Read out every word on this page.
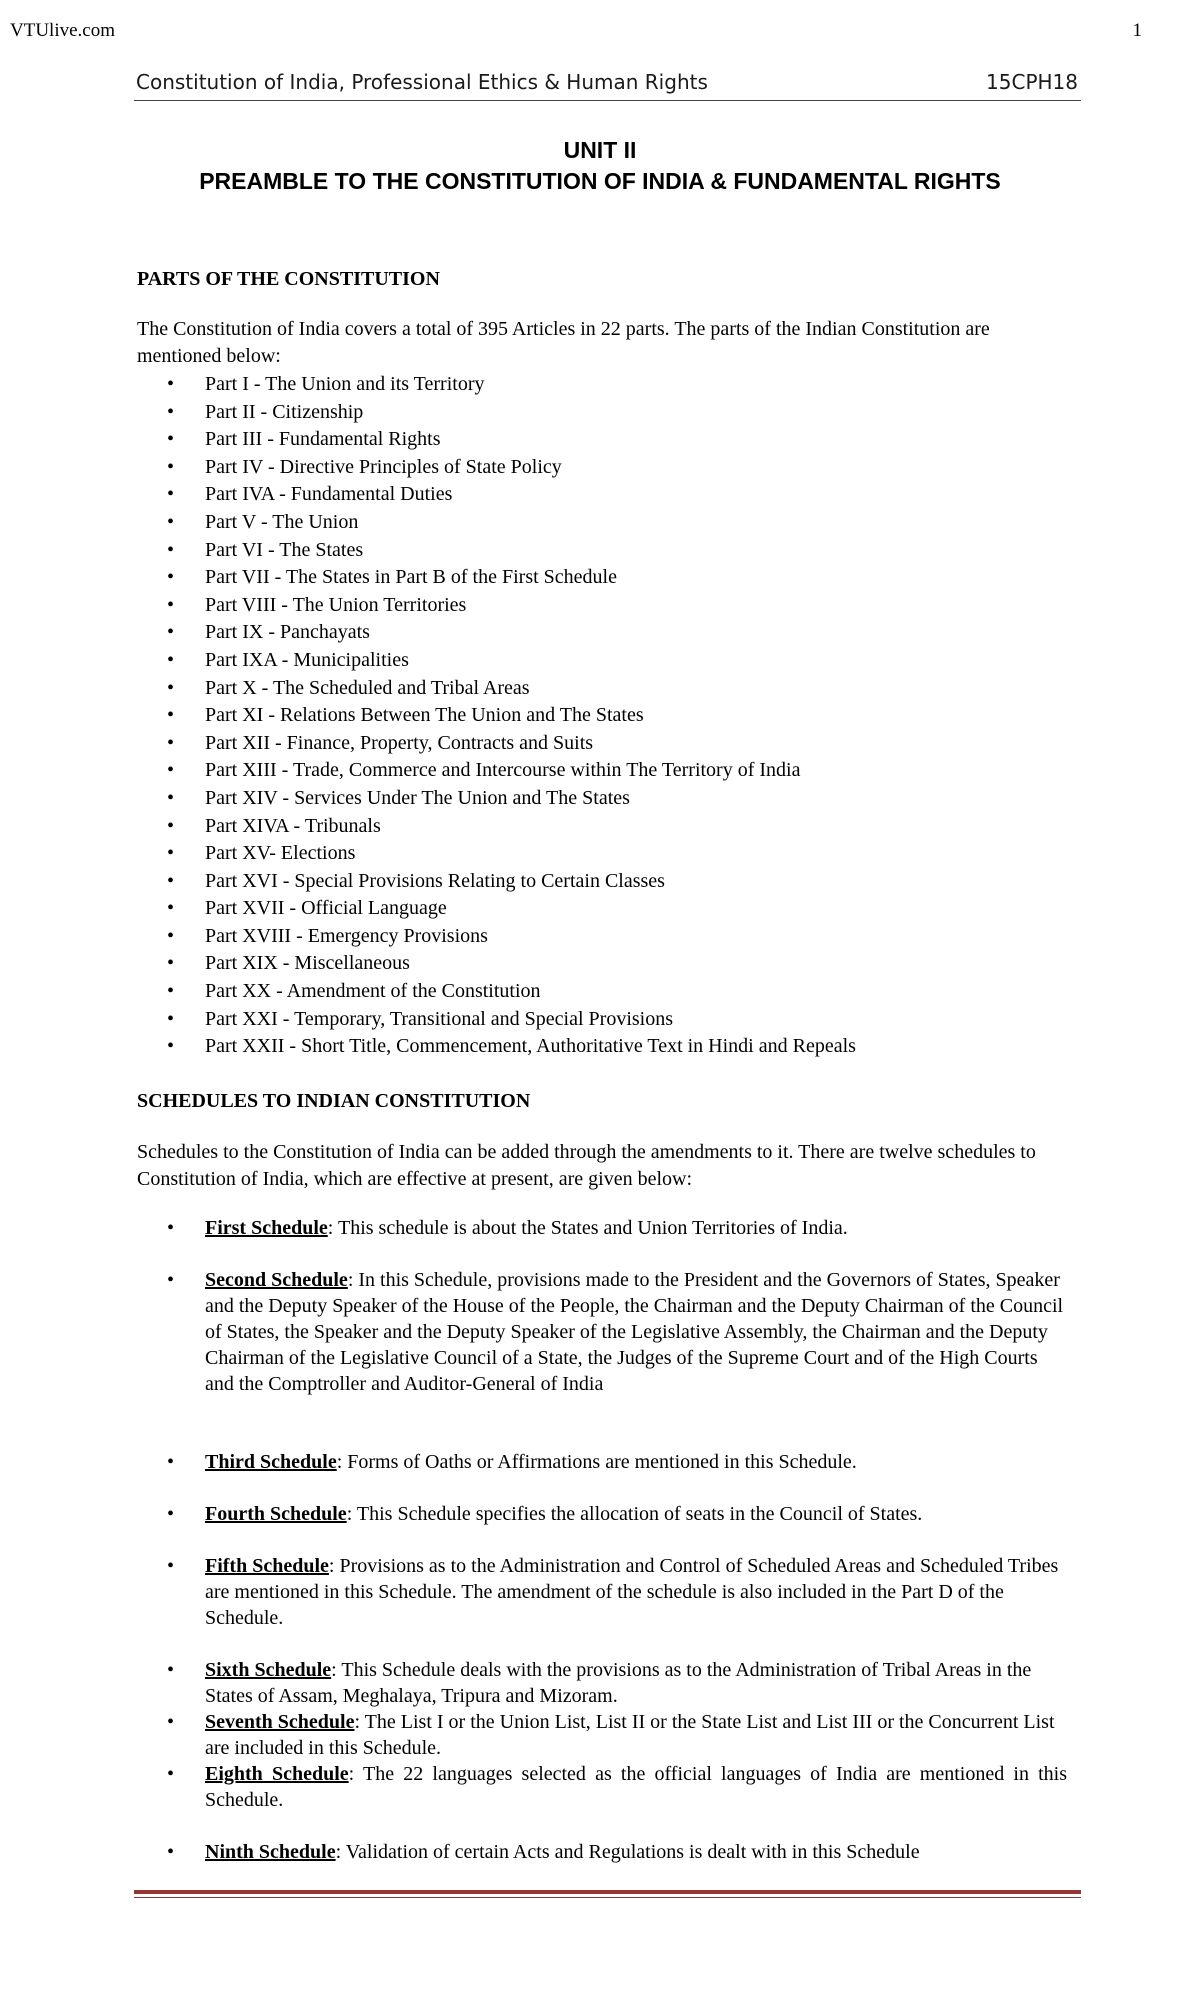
VTUlive.com	1
Constitution of India, Professional Ethics & Human Rights	15CPH18
UNIT II
PREAMBLE TO THE CONSTITUTION OF INDIA & FUNDAMENTAL RIGHTS
PARTS OF THE CONSTITUTION
The Constitution of India covers a total of 395 Articles in 22 parts. The parts of the Indian Constitution are mentioned below:
• Part I - The Union and its Territory
• Part II - Citizenship
• Part III - Fundamental Rights
• Part IV - Directive Principles of State Policy
• Part IVA - Fundamental Duties
• Part V - The Union
• Part VI - The States
• Part VII - The States in Part B of the First Schedule
• Part VIII - The Union Territories
• Part IX - Panchayats
• Part IXA - Municipalities
• Part X - The Scheduled and Tribal Areas
• Part XI - Relations Between The Union and The States
• Part XII - Finance, Property, Contracts and Suits
• Part XIII - Trade, Commerce and Intercourse within The Territory of India
• Part XIV - Services Under The Union and The States
• Part XIVA - Tribunals
• Part XV- Elections
• Part XVI - Special Provisions Relating to Certain Classes
• Part XVII - Official Language
• Part XVIII - Emergency Provisions
• Part XIX - Miscellaneous
• Part XX - Amendment of the Constitution
• Part XXI - Temporary, Transitional and Special Provisions
• Part XXII - Short Title, Commencement, Authoritative Text in Hindi and Repeals
SCHEDULES TO INDIAN CONSTITUTION
Schedules to the Constitution of India can be added through the amendments to it. There are twelve schedules to Constitution of India, which are effective at present, are given below:
• First Schedule: This schedule is about the States and Union Territories of India.
• Second Schedule: In this Schedule, provisions made to the President and the Governors of States, Speaker and the Deputy Speaker of the House of the People, the Chairman and the Deputy Chairman of the Council of States, the Speaker and the Deputy Speaker of the Legislative Assembly, the Chairman and the Deputy Chairman of the Legislative Council of a State, the Judges of the Supreme Court and of the High Courts and the Comptroller and Auditor-General of India
• Third Schedule: Forms of Oaths or Affirmations are mentioned in this Schedule.
• Fourth Schedule: This Schedule specifies the allocation of seats in the Council of States.
• Fifth Schedule: Provisions as to the Administration and Control of Scheduled Areas and Scheduled Tribes are mentioned in this Schedule. The amendment of the schedule is also included in the Part D of the Schedule.
• Sixth Schedule: This Schedule deals with the provisions as to the Administration of Tribal Areas in the States of Assam, Meghalaya, Tripura and Mizoram.
• Seventh Schedule: The List I or the Union List, List II or the State List and List III or the Concurrent List are included in this Schedule.
• Eighth Schedule: The 22 languages selected as the official languages of India are mentioned in this Schedule.
• Ninth Schedule: Validation of certain Acts and Regulations is dealt with in this Schedule
